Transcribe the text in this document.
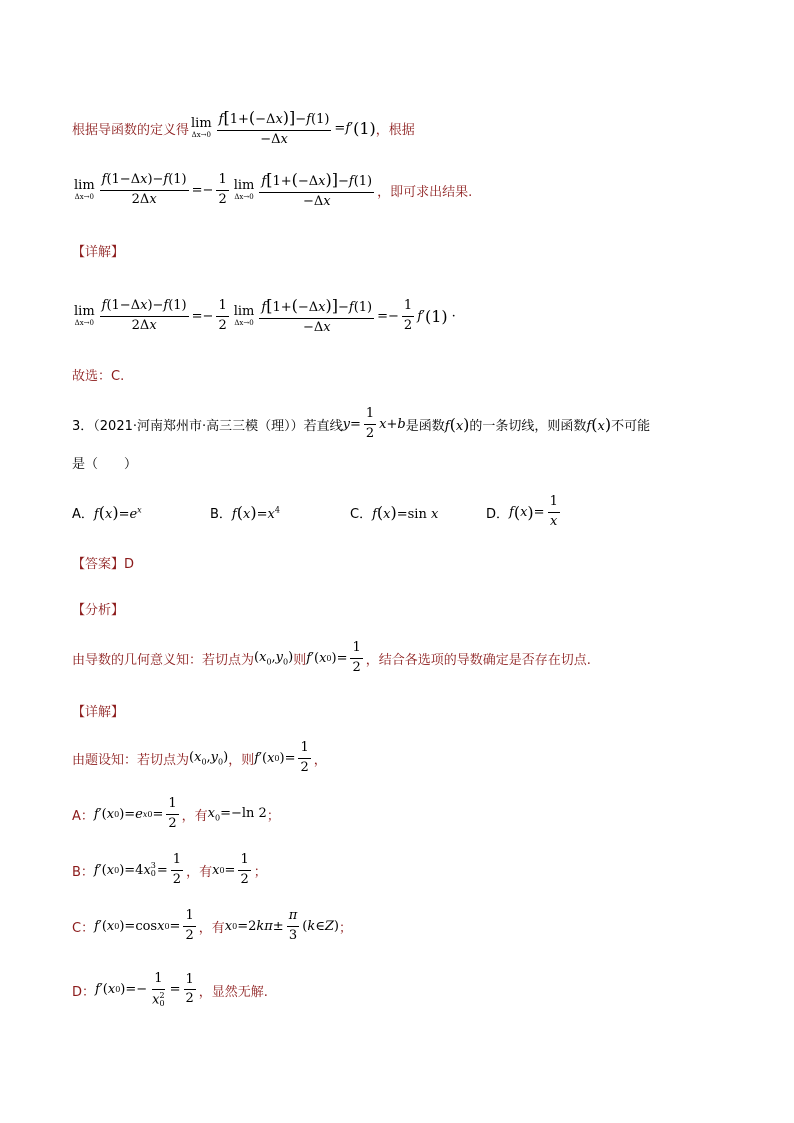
根据导函数的定义得 lim
$\Delta x\to 0 \frac{f[1+(-\Delta x)]-f(1)}{-\Delta x} = f$ ′ (1) ，根据
lim
$\Delta x\to 0 \frac{f(1-\Delta x)-f(1)}{2\Delta x} =- \frac{1}{2}$ lim
$\Delta x\to 0 \frac{f[1+(-\Delta x)]-f(1)}{-\Delta x}$ ，即可求出结果.
【详解】
lim
$\Delta x\to 0 \frac{f(1-\Delta x)-f(1)}{2\Delta x} =- \frac{1}{2}$ lim
$\Delta x\to 0 \frac{f[1+(-\Delta x)]-f(1)}{-\Delta x} =- \frac{1}{2}$ f ′ (1) ·
故选：C.
3．（2021·河南郑州市·高三三模（理））若直线 $y = \frac{1}{2}$ x + b 是函数 f(x) 的一条切线，则函数 f(x) 不可能
是（　　）
A． $f(x)=e^x$	B． $f(x)=x^4$	C． f(x)=sin x	D． f ( x ) = $\frac{1}{x}$
【答案】D
【分析】
由导数的几何意义知：若切点为 $(x_0,y_0)$ 则 f ′( x 0 )= $\frac{1}{2}$ ，结合各选项的导数确定是否存在切点.
【详解】
由题设知：若切点为 $(x_0,y_0)$ ，则 f ′( x 0 )= $\frac{1}{2}$ ，
A： f ′( x 0 )= e $x0 = \frac{1}{2}$ ，有 $x_0=-\ln$ 2 ；
B： f ′( x 0 )=4 x 3
$0 = \frac{1}{2}$ ，有 x $0 = \frac{1}{2}$ ；
C： f ′( x 0 )=cos x $0 = \frac{1}{2}$ ，有 x 0 =2 $k\pi \pm \frac{\pi}{3}$ ( k ∈ Z ) ；
D： f ′( x 0 )=− 1
x 2
$0 = \frac{1}{2}$ ，显然无解.
